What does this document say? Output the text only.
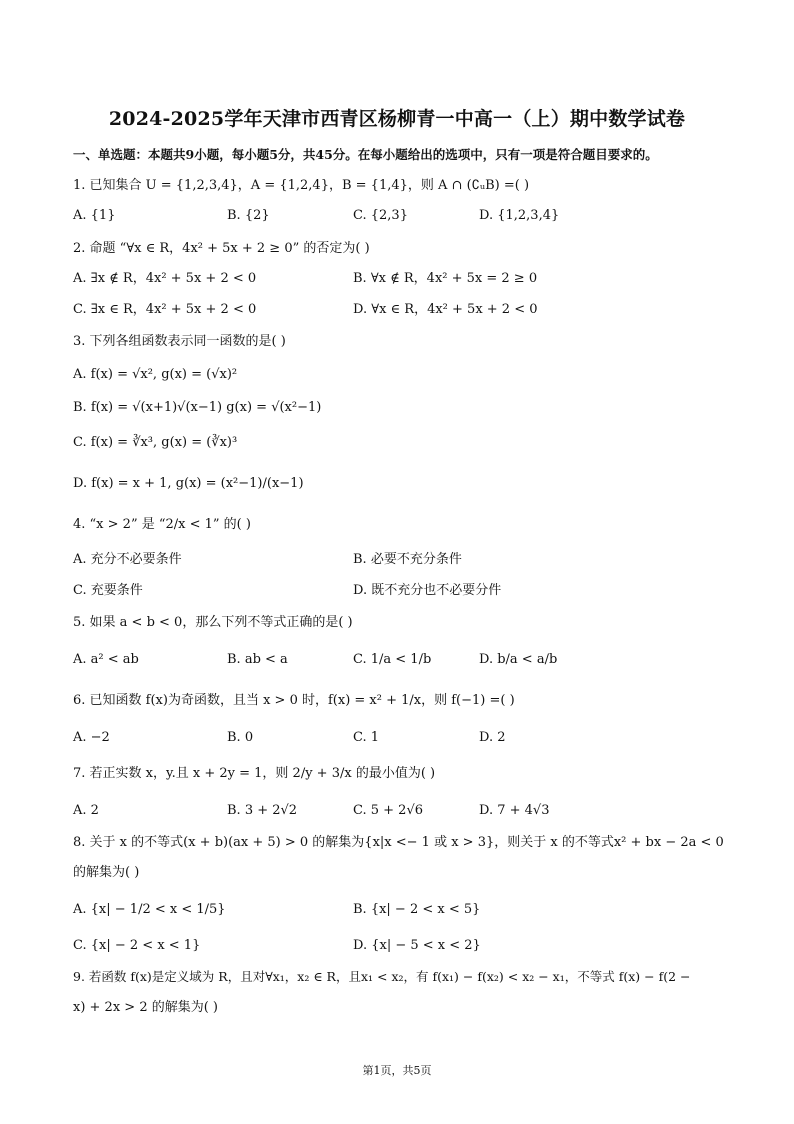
2024-2025学年天津市西青区杨柳青一中高一（上）期中数学试卷
一、单选题：本题共9小题，每小题5分，共45分。在每小题给出的选项中，只有一项是符合题目要求的。
1. 已知集合 U = {1,2,3,4}，A = {1,2,4}，B = {1,4}，则 A ∩ (∁ᵤB) =( )
A. {1}	B. {2}	C. {2,3}	D. {1,2,3,4}
2. 命题 “∀x ∈ R，4x² + 5x + 2 ≥ 0” 的否定为( )
A. ∃x ∉ R，4x² + 5x + 2 < 0	B. ∀x ∉ R，4x² + 5x = 2 ≥ 0
C. ∃x ∈ R，4x² + 5x + 2 < 0	D. ∀x ∈ R，4x² + 5x + 2 < 0
3. 下列各组函数表示同一函数的是( )
A. f(x) = √x², g(x) = (√x)²
B. f(x) = √(x+1)√(x−1) g(x) = √(x²−1)
C. f(x) = ∛x³, g(x) = (∛x)³
D. f(x) = x + 1, g(x) = (x²−1)/(x−1)
4. “x > 2” 是 “2/x < 1” 的( )
A. 充分不必要条件	B. 必要不充分条件
C. 充要条件	D. 既不充分也不必要分件
5. 如果 a < b < 0，那么下列不等式正确的是( )
A. a² < ab	B. ab < a	C. 1/a < 1/b	D. b/a < a/b
6. 已知函数 f(x)为奇函数，且当 x > 0 时，f(x) = x² + 1/x，则 f(−1) =( )
A. −2	B. 0	C. 1	D. 2
7. 若正实数 x，y.且 x + 2y = 1，则 2/y + 3/x 的最小值为( )
A. 2	B. 3 + 2√2	C. 5 + 2√6	D. 7 + 4√3
8. 关于 x 的不等式(x + b)(ax + 5) > 0 的解集为{x|x <− 1 或 x > 3}，则关于 x 的不等式x² + bx − 2a < 0
的解集为( )
A. {x| − 1/2 < x < 1/5}	B. {x| − 2 < x < 5}
C. {x| − 2 < x < 1}	D. {x| − 5 < x < 2}
9. 若函数 f(x)是定义域为 R，且对∀x₁，x₂ ∈ R，且x₁ < x₂，有 f(x₁) − f(x₂) < x₂ − x₁，不等式 f(x) − f(2 −
x) + 2x > 2 的解集为( )
第1页，共5页
